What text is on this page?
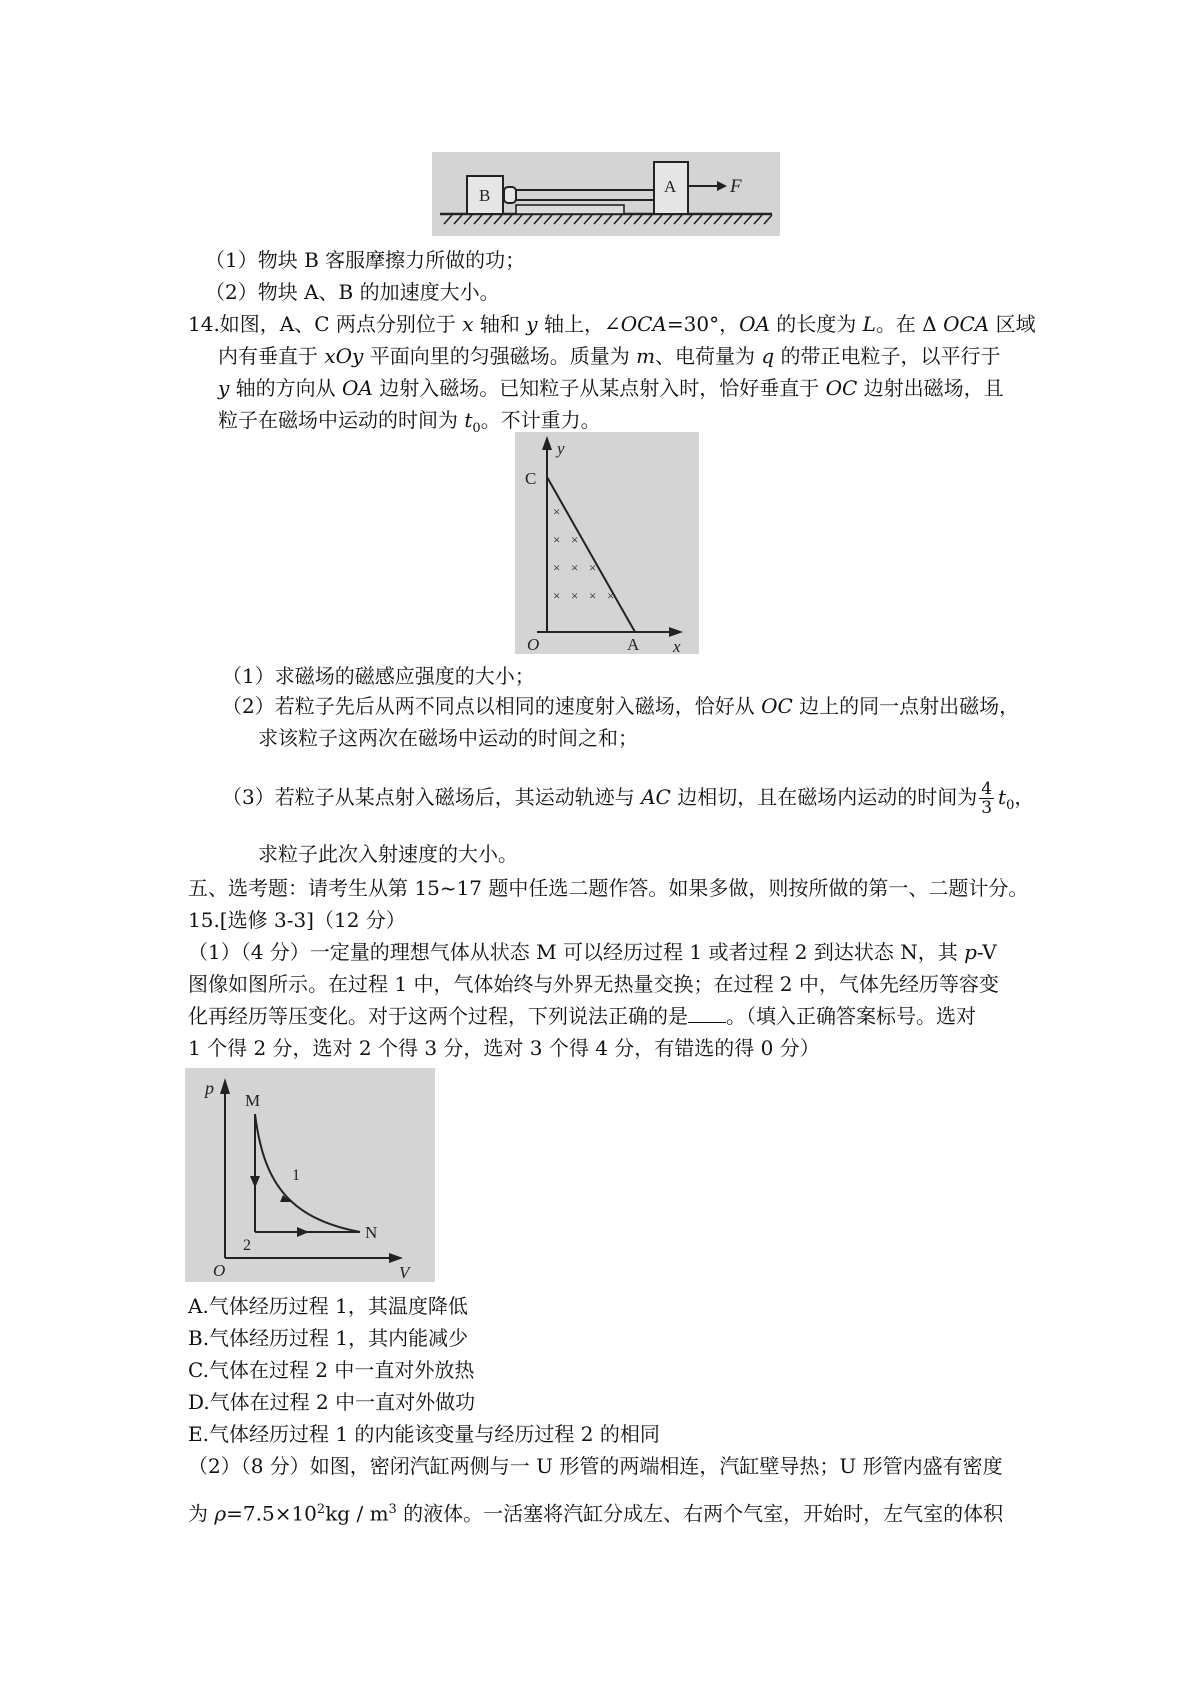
B	A	F
（1）物块 B 客服摩擦力所做的功；
（2）物块 A、B 的加速度大小。
14.如图，A、C 两点分别位于 x 轴和 y 轴上，∠OCA=30°，OA 的长度为 L。在 Δ OCA 区域
内有垂直于 xOy 平面向里的匀强磁场。质量为 m、电荷量为 q 的带正电粒子，以平行于
y 轴的方向从 OA 边射入磁场。已知粒子从某点射入时，恰好垂直于 OC 边射出磁场，且
粒子在磁场中运动的时间为 $t_0$。不计重力。
y
C
O	A x
×
× ×
× × ×
× × × ×
（1）求磁场的磁感应强度的大小；
（2）若粒子先后从两不同点以相同的速度射入磁场，恰好从 OC 边上的同一点射出磁场，
求该粒子这两次在磁场中运动的时间之和；
（3）若粒子从某点射入磁场后，其运动轨迹与 AC 边相切，且在磁场内运动的时间为 $\frac{4}{3} t_0$，
求粒子此次入射速度的大小。
五、选考题：请考生从第 15~17 题中任选二题作答。如果多做，则按所做的第一、二题计分。
15.[选修 3-3]（12 分）
（1）（4 分）一定量的理想气体从状态 M 可以经历过程 1 或者过程 2 到达状态 N，其 p-V
图像如图所示。在过程 1 中，气体始终与外界无热量交换；在过程 2 中，气体先经历等容变
化再经历等压变化。对于这两个过程，下列说法正确的是 。（填入正确答案标号。选对
1 个得 2 分，选对 2 个得 3 分，选对 3 个得 4 分，有错选的得 0 分）
p
M
1
2
N
O	V
A.气体经历过程 1，其温度降低
B.气体经历过程 1，其内能减少
C.气体在过程 2 中一直对外放热
D.气体在过程 2 中一直对外做功
E.气体经历过程 1 的内能该变量与经历过程 2 的相同
（2）（8 分）如图，密闭汽缸两侧与一 U 形管的两端相连，汽缸壁导热；U 形管内盛有密度
为 $\rho=7.5\times 10^2kg / m^3$ 的液体。一活塞将汽缸分成左、右两个气室，开始时，左气室的体积
